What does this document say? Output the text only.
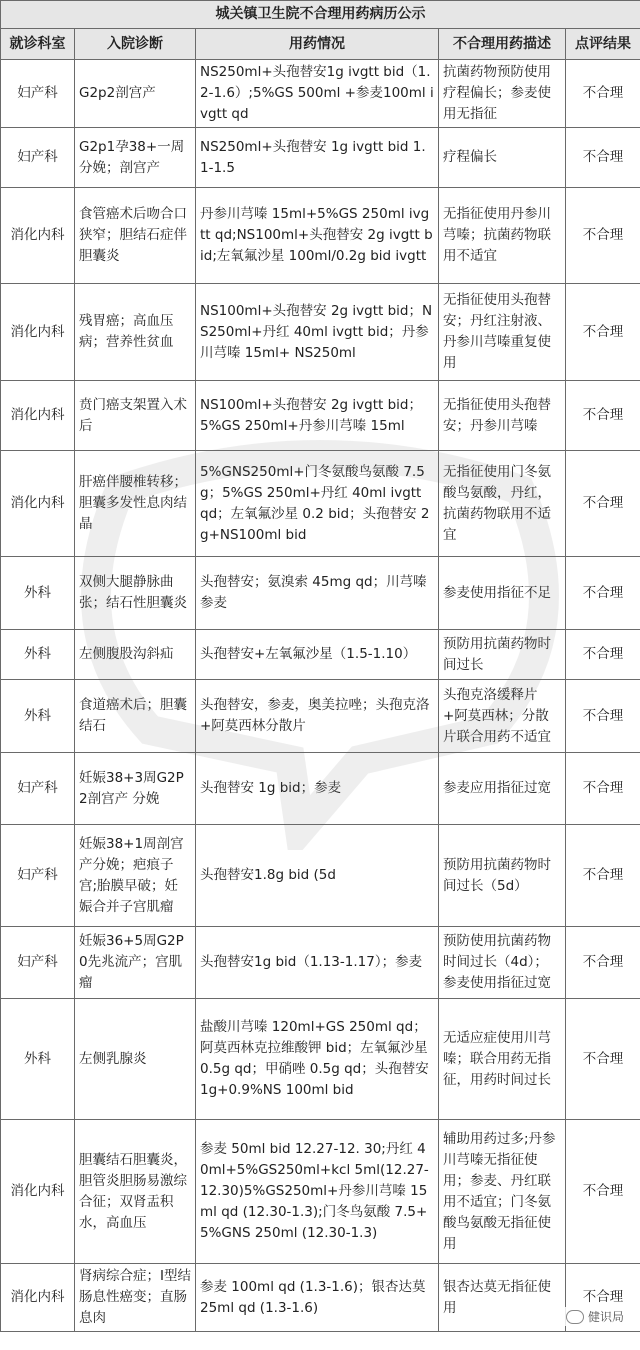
城关镇卫生院不合理用药病历公示				
就诊科室	入院诊断	用药情况	不合理用药描述	点评结果
妇产科	G2p2剖宫产	NS250ml+头孢替安1g ivgtt bid（1.2-1.6）;5%GS 500ml +参麦100ml ivgtt qd	抗菌药物预防使用疗程偏长；参麦使用无指征	不合理
妇产科	G2p1孕38+一周分娩；剖宫产	NS250ml+头孢替安 1g ivgtt bid 1.1-1.5	疗程偏长	不合理
消化内科	食管癌术后吻合口狭窄；胆结石症伴胆囊炎	丹参川芎嗪 15ml+5%GS 250ml ivgtt qd;NS100ml+头孢替安 2g ivgtt bid;左氧氟沙星 100ml/0.2g bid ivgtt	无指征使用丹参川芎嗪；抗菌药物联用不适宜	不合理
消化内科	残胃癌；高血压病；营养性贫血	NS100ml+头孢替安 2g ivgtt bid；NS250ml+丹红 40ml ivgtt bid；丹参川芎嗪 15ml+ NS250ml	无指征使用头孢替安；丹红注射液、丹参川芎嗪重复使用	不合理
消化内科	贲门癌支架置入术后	NS100ml+头孢替安 2g ivgtt bid；5%GS 250ml+丹参川芎嗪 15ml	无指征使用头孢替安；丹参川芎嗪	不合理
消化内科	肝癌伴腰椎转移；胆囊多发性息肉结晶	5%GNS250ml+门冬氨酸鸟氨酸 7.5g；5%GS 250ml+丹红 40ml ivgtt qd；左氧氟沙星 0.2 bid；头孢替安 2g+NS100ml bid	无指征使用门冬氨酸鸟氨酸，丹红，抗菌药物联用不适宜	不合理
外科	双侧大腿静脉曲张；结石性胆囊炎	头孢替安；氨溴索 45mg qd；川芎嗪 参麦	参麦使用指征不足	不合理
外科	左侧腹股沟斜疝	头孢替安+左氧氟沙星（1.5-1.10）	预防用抗菌药物时间过长	不合理
外科	食道癌术后；胆囊结石	头孢替安，参麦，奥美拉唑；头孢克洛+阿莫西林分散片	头孢克洛缓释片+阿莫西林；分散片联合用药不适宜	不合理
妇产科	妊娠38+3周G2P2剖宫产 分娩	头孢替安 1g bid；参麦	参麦应用指征过宽	不合理
妇产科	妊娠38+1周剖宫产分娩；疤痕子宫;胎膜早破；妊娠合并子宫肌瘤	头孢替安1.8g bid (5d	预防用抗菌药物时间过长（5d）	不合理
妇产科	妊娠36+5周G2P0先兆流产；宫肌瘤	头孢替安1g bid（1.13-1.17）；参麦	预防使用抗菌药物时间过长（4d）；参麦使用指征过宽	不合理
外科	左侧乳腺炎	盐酸川芎嗪 120ml+GS 250ml qd；阿莫西林克拉维酸钾 bid；左氧氟沙星 0.5g qd；甲硝唑 0.5g qd；头孢替安 1g+0.9%NS 100ml bid	无适应症使用川芎嗪；联合用药无指征，用药时间过长	不合理
消化内科	胆囊结石胆囊炎，胆管炎胆肠易激综合征；双肾盂积水，高血压	参麦 50ml bid 12.27-12. 30;丹红 40ml+5%GS250ml+kcl 5ml(12.27-12.30)5%GS250ml+丹参川芎嗪 15ml qd (12.30-1.3);门冬鸟氨酸 7.5+5%GNS 250ml (12.30-1.3)	辅助用药过多;丹参川芎嗪无指征使用；参麦、丹红联用不适宜；门冬氨酸鸟氨酸无指征使用	不合理
消化内科	肾病综合症；I型结肠息性癌变；直肠息肉	参麦 100ml qd (1.3-1.6)；银杏达莫 25ml qd (1.3-1.6)	银杏达莫无指征使用	不合理
健识局
